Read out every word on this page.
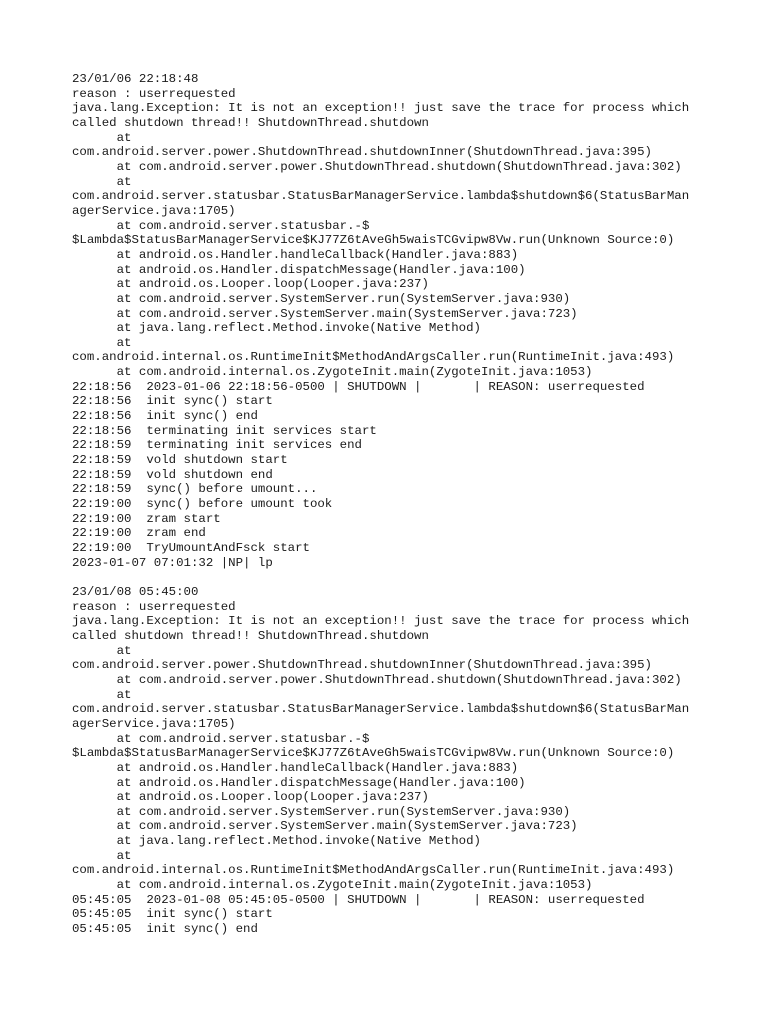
23/01/06 22:18:48
reason : userrequested
java.lang.Exception: It is not an exception!! just save the trace for process which
called shutdown thread!! ShutdownThread.shutdown
at
com.android.server.power.ShutdownThread.shutdownInner(ShutdownThread.java:395)
at com.android.server.power.ShutdownThread.shutdown(ShutdownThread.java:302)
at
com.android.server.statusbar.StatusBarManagerService.lambda$shutdown$6(StatusBarMan
agerService.java:1705)
at com.android.server.statusbar.-$
$Lambda$StatusBarManagerService$KJ77Z6tAveGh5waisTCGvipw8Vw.run(Unknown Source:0)
at android.os.Handler.handleCallback(Handler.java:883)
at android.os.Handler.dispatchMessage(Handler.java:100)
at android.os.Looper.loop(Looper.java:237)
at com.android.server.SystemServer.run(SystemServer.java:930)
at com.android.server.SystemServer.main(SystemServer.java:723)
at java.lang.reflect.Method.invoke(Native Method)
at
com.android.internal.os.RuntimeInit$MethodAndArgsCaller.run(RuntimeInit.java:493)
at com.android.internal.os.ZygoteInit.main(ZygoteInit.java:1053)
22:18:56  2023-01-06 22:18:56-0500 | SHUTDOWN |       | REASON: userrequested
22:18:56  init sync() start
22:18:56  init sync() end
22:18:56  terminating init services start
22:18:59  terminating init services end
22:18:59  vold shutdown start
22:18:59  vold shutdown end
22:18:59  sync() before umount...
22:19:00  sync() before umount took
22:19:00  zram start
22:19:00  zram end
22:19:00  TryUmountAndFsck start
2023-01-07 07:01:32 |NP| lp
23/01/08 05:45:00
reason : userrequested
java.lang.Exception: It is not an exception!! just save the trace for process which
called shutdown thread!! ShutdownThread.shutdown
at
com.android.server.power.ShutdownThread.shutdownInner(ShutdownThread.java:395)
at com.android.server.power.ShutdownThread.shutdown(ShutdownThread.java:302)
at
com.android.server.statusbar.StatusBarManagerService.lambda$shutdown$6(StatusBarMan
agerService.java:1705)
at com.android.server.statusbar.-$
$Lambda$StatusBarManagerService$KJ77Z6tAveGh5waisTCGvipw8Vw.run(Unknown Source:0)
at android.os.Handler.handleCallback(Handler.java:883)
at android.os.Handler.dispatchMessage(Handler.java:100)
at android.os.Looper.loop(Looper.java:237)
at com.android.server.SystemServer.run(SystemServer.java:930)
at com.android.server.SystemServer.main(SystemServer.java:723)
at java.lang.reflect.Method.invoke(Native Method)
at
com.android.internal.os.RuntimeInit$MethodAndArgsCaller.run(RuntimeInit.java:493)
at com.android.internal.os.ZygoteInit.main(ZygoteInit.java:1053)
05:45:05  2023-01-08 05:45:05-0500 | SHUTDOWN |       | REASON: userrequested
05:45:05  init sync() start
05:45:05  init sync() end
